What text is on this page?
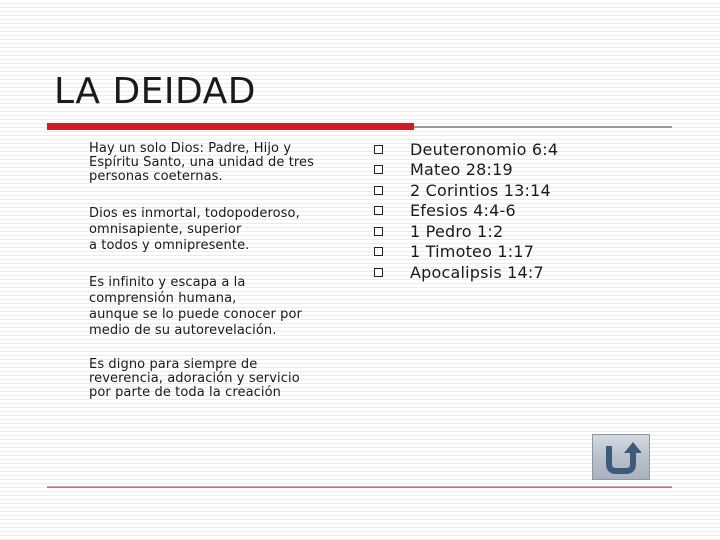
LA DEIDAD

Hay un solo Dios: Padre, Hijo y
Espíritu Santo, una unidad de tres
personas coeternas.

Dios es inmortal, todopoderoso,
omnisapiente, superior
a todos y omnipresente.

Es infinito y escapa a la
comprensión humana,
aunque se lo puede conocer por
medio de su autorevelación.

Es digno para siempre de
reverencia, adoración y servicio
por parte de toda la creación

Deuteronomio 6:4
Mateo 28:19
2 Corintios 13:14
Efesios 4:4-6
1 Pedro 1:2
1 Timoteo 1:17
Apocalipsis 14:7
